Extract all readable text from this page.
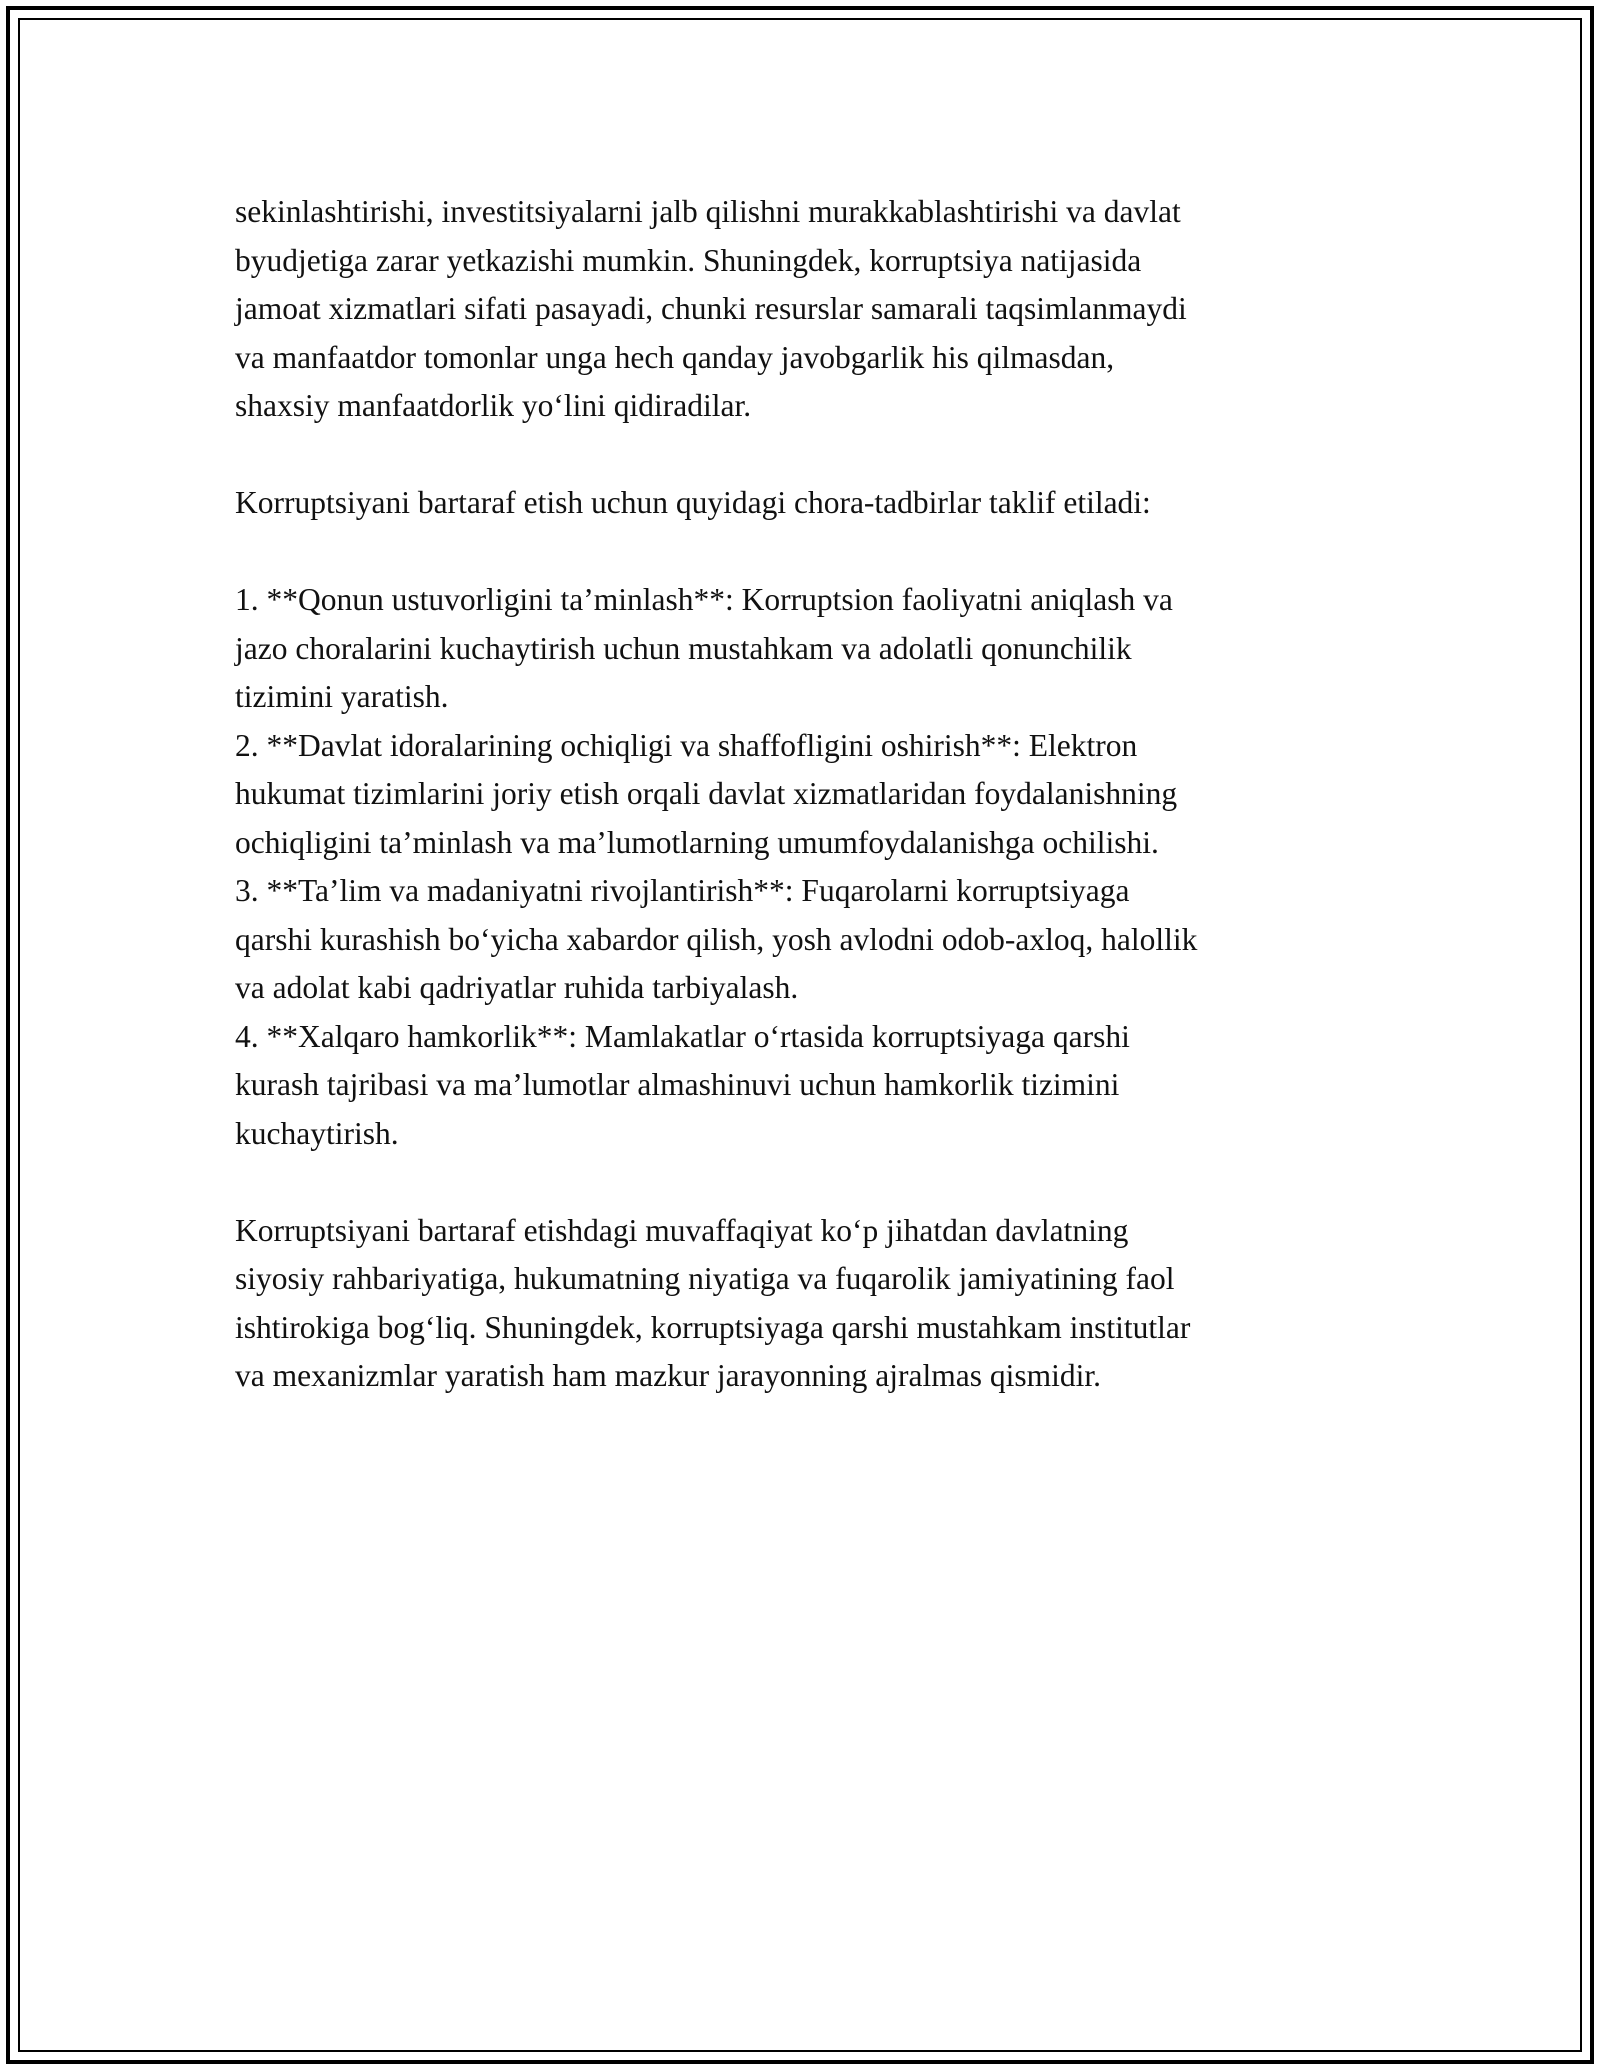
sekinlashtirishi, investitsiyalarni jalb qilishni murakkablashtirishi va davlat
byudjetiga zarar yetkazishi mumkin. Shuningdek, korruptsiya natijasida
jamoat xizmatlari sifati pasayadi, chunki resurslar samarali taqsimlanmaydi
va manfaatdor tomonlar unga hech qanday javobgarlik his qilmasdan,
shaxsiy manfaatdorlik yo‘lini qidiradilar.

Korruptsiyani bartaraf etish uchun quyidagi chora-tadbirlar taklif etiladi:

1. **Qonun ustuvorligini ta’minlash**: Korruptsion faoliyatni aniqlash va
jazo choralarini kuchaytirish uchun mustahkam va adolatli qonunchilik
tizimini yaratish.
2. **Davlat idoralarining ochiqligi va shaffofligini oshirish**: Elektron
hukumat tizimlarini joriy etish orqali davlat xizmatlaridan foydalanishning
ochiqligini ta’minlash va ma’lumotlarning umumfoydalanishga ochilishi.
3. **Ta’lim va madaniyatni rivojlantirish**: Fuqarolarni korruptsiyaga
qarshi kurashish bo‘yicha xabardor qilish, yosh avlodni odob-axloq, halollik
va adolat kabi qadriyatlar ruhida tarbiyalash.
4. **Xalqaro hamkorlik**: Mamlakatlar o‘rtasida korruptsiyaga qarshi
kurash tajribasi va ma’lumotlar almashinuvi uchun hamkorlik tizimini
kuchaytirish.

Korruptsiyani bartaraf etishdagi muvaffaqiyat ko‘p jihatdan davlatning
siyosiy rahbariyatiga, hukumatning niyatiga va fuqarolik jamiyatining faol
ishtirokiga bog‘liq. Shuningdek, korruptsiyaga qarshi mustahkam institutlar
va mexanizmlar yaratish ham mazkur jarayonning ajralmas qismidir.
